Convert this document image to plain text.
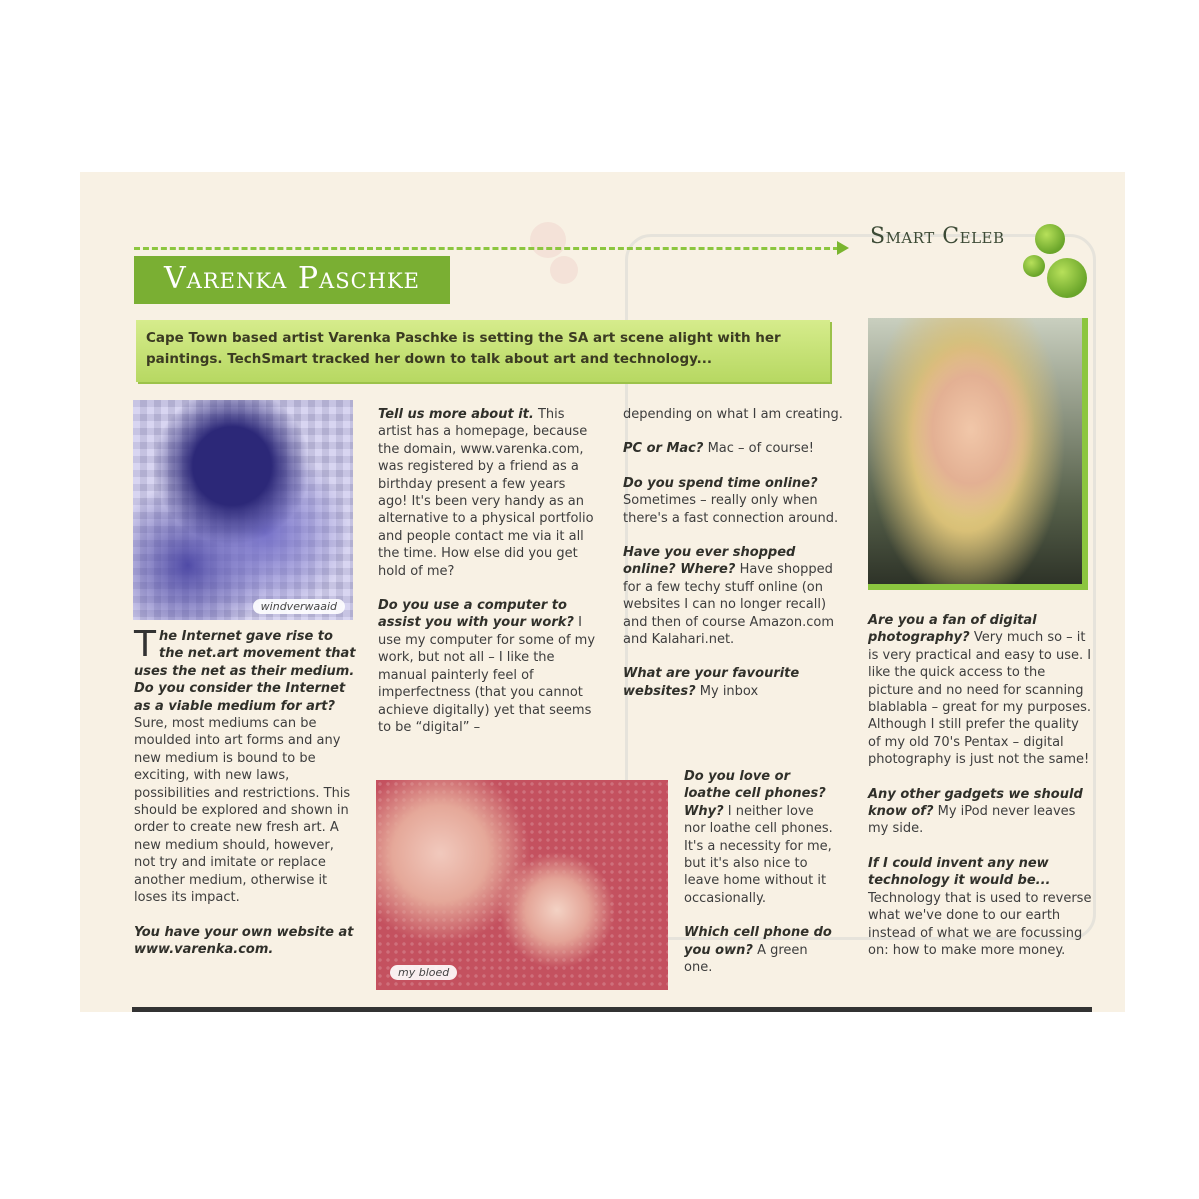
Smart Celeb
Varenka Paschke
Cape Town based artist Varenka Paschke is setting the SA art scene alight with her paintings. TechSmart tracked her down to talk about art and technology...
windverwaaid
my bloed

The Internet gave rise to the net.art movement that uses the net as their medium. Do you consider the Internet as a viable medium for art? Sure, most mediums can be moulded into art forms and any new medium is bound to be exciting, with new laws, possibilities and restrictions. This should be explored and shown in order to create new fresh art. A new medium should, however, not try and imitate or replace another medium, otherwise it loses its impact.

You have your own website at www.varenka.com.

Tell us more about it. This artist has a homepage, because the domain, www.varenka.com, was registered by a friend as a birthday present a few years ago! It's been very handy as an alternative to a physical portfolio and people contact me via it all the time. How else did you get hold of me?

Do you use a computer to assist you with your work? I use my computer for some of my work, but not all – I like the manual painterly feel of imperfectness (that you cannot achieve digitally) yet that seems to be “digital” –

depending on what I am creating.

PC or Mac? Mac – of course!

Do you spend time online? Sometimes – really only when there's a fast connection around.

Have you ever shopped online? Where? Have shopped for a few techy stuff online (on websites I can no longer recall) and then of course Amazon.com and Kalahari.net.

What are your favourite websites? My inbox

Do you love or loathe cell phones? Why? I neither love nor loathe cell phones. It's a necessity for me, but it's also nice to leave home without it occasionally.

Which cell phone do you own? A green one.

Are you a fan of digital photography? Very much so – it is very practical and easy to use. I like the quick access to the picture and no need for scanning blablabla – great for my purposes. Although I still prefer the quality of my old 70's Pentax – digital photography is just not the same!

Any other gadgets we should know of? My iPod never leaves my side.

If I could invent any new technology it would be... Technology that is used to reverse what we've done to our earth instead of what we are focussing on: how to make more money.
